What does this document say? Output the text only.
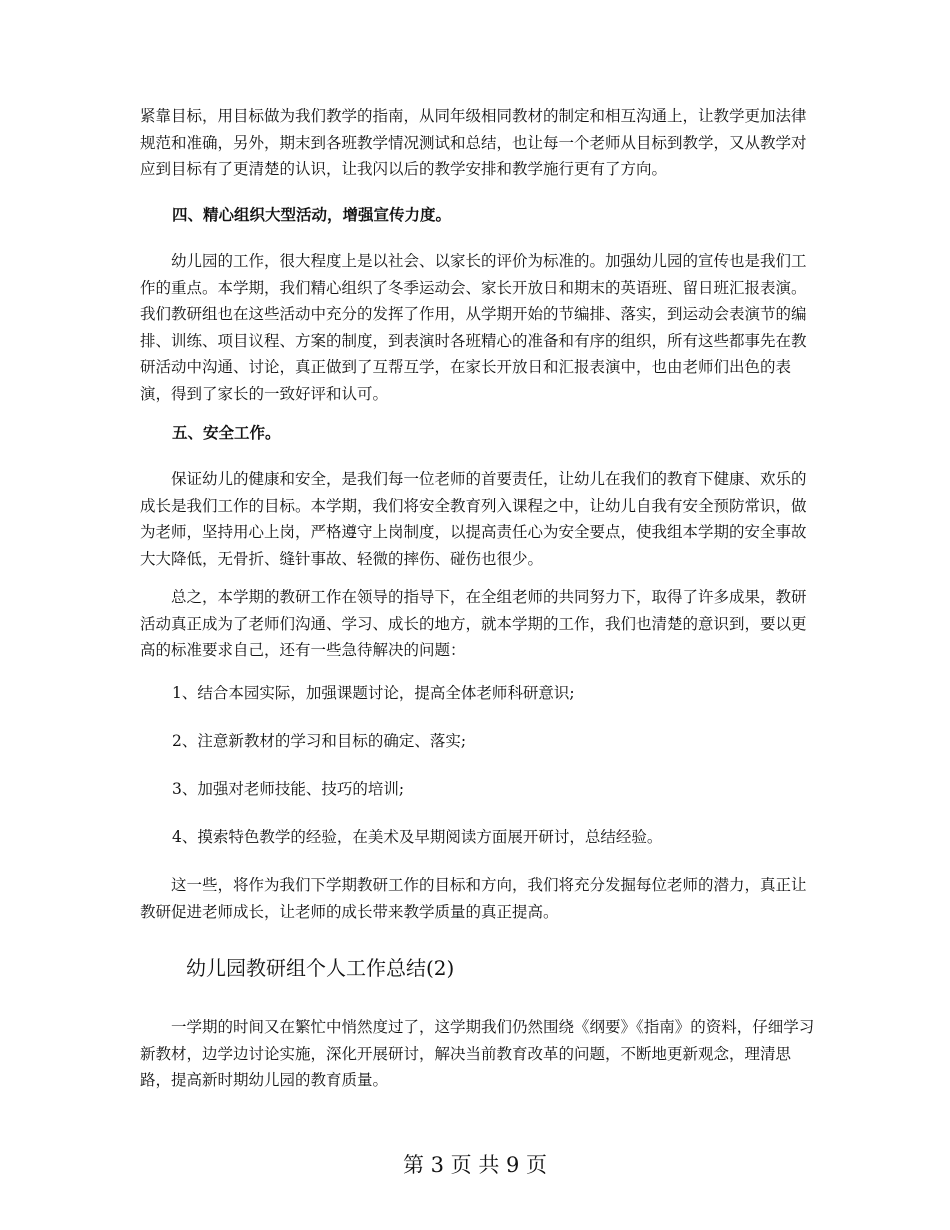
紧靠目标，用目标做为我们教学的指南，从同年级相同教材的制定和相互沟通上，让教学更加法律规范和准确，另外，期末到各班教学情况测试和总结，也让每一个老师从目标到教学，又从教学对应到目标有了更清楚的认识，让我闪以后的教学安排和教学施行更有了方向。

四、精心组织大型活动，增强宣传力度。

幼儿园的工作，很大程度上是以社会、以家长的评价为标准的。加强幼儿园的宣传也是我们工作的重点。本学期，我们精心组织了冬季运动会、家长开放日和期末的英语班、留日班汇报表演。我们教研组也在这些活动中充分的发挥了作用，从学期开始的节编排、落实，到运动会表演节的编排、训练、项目议程、方案的制度，到表演时各班精心的准备和有序的组织，所有这些都事先在教研活动中沟通、讨论，真正做到了互帮互学，在家长开放日和汇报表演中，也由老师们出色的表演，得到了家长的一致好评和认可。

五、安全工作。

保证幼儿的健康和安全，是我们每一位老师的首要责任，让幼儿在我们的教育下健康、欢乐的成长是我们工作的目标。本学期，我们将安全教育列入课程之中，让幼儿自我有安全预防常识，做为老师，坚持用心上岗，严格遵守上岗制度，以提高责任心为安全要点，使我组本学期的安全事故大大降低，无骨折、缝针事故、轻微的摔伤、碰伤也很少。

总之，本学期的教研工作在领导的指导下，在全组老师的共同努力下，取得了许多成果，教研活动真正成为了老师们沟通、学习、成长的地方，就本学期的工作，我们也清楚的意识到，要以更高的标准要求自己，还有一些急待解决的问题：

1、结合本园实际，加强课题讨论，提高全体老师科研意识;

2、注意新教材的学习和目标的确定、落实;

3、加强对老师技能、技巧的培训;

4、摸索特色教学的经验，在美术及早期阅读方面展开研讨，总结经验。

这一些，将作为我们下学期教研工作的目标和方向，我们将充分发掘每位老师的潜力，真正让教研促进老师成长，让老师的成长带来教学质量的真正提高。

幼儿园教研组个人工作总结(2)

一学期的时间又在繁忙中悄然度过了，这学期我们仍然围绕《纲要》《指南》的资料，仔细学习新教材，边学边讨论实施，深化开展研讨，解决当前教育改革的问题，不断地更新观念，理清思路，提高新时期幼儿园的教育质量。

第 3 页 共 9 页
